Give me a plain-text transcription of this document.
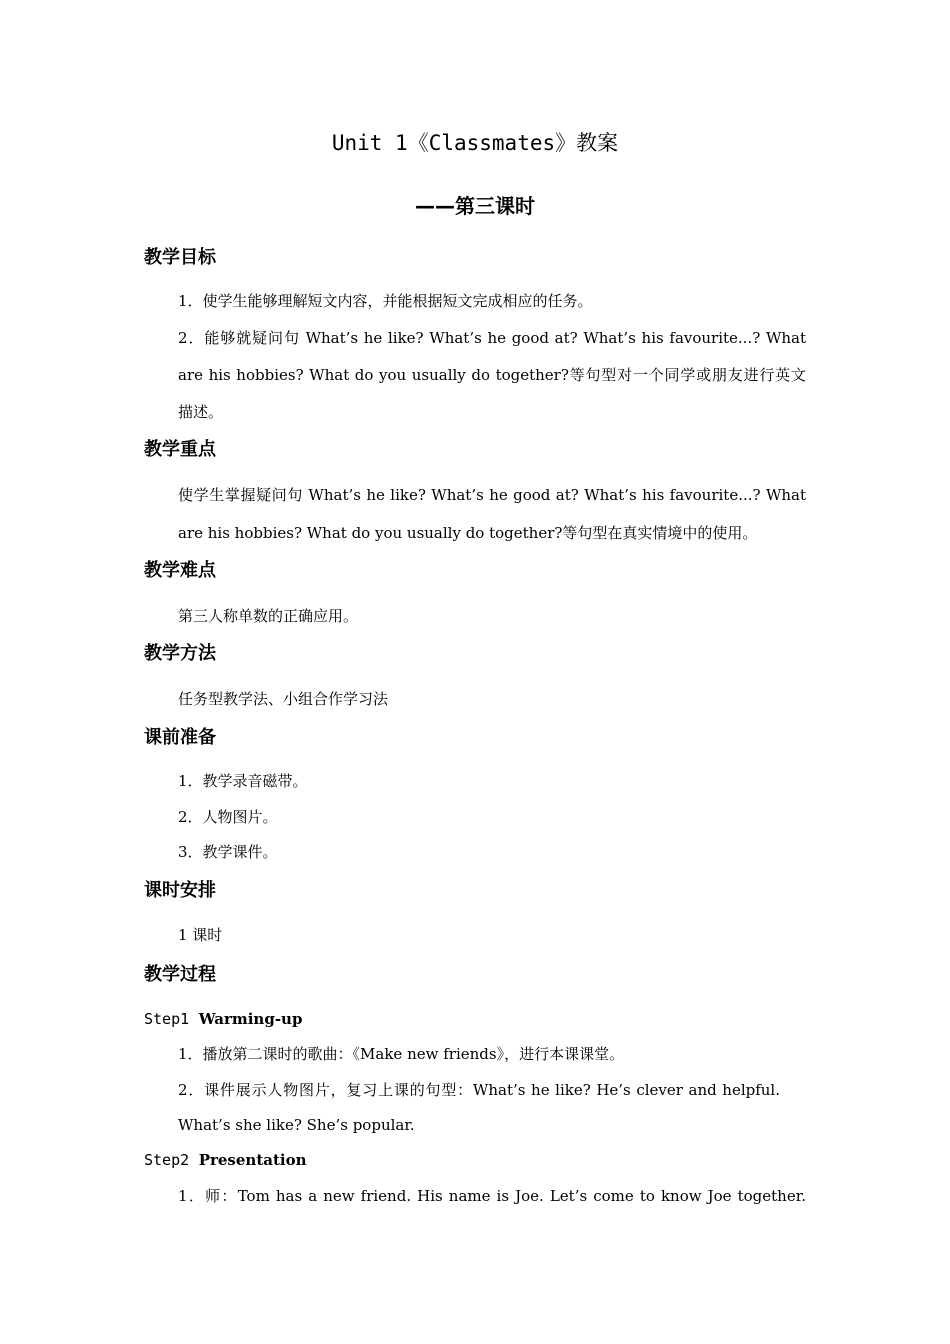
Unit 1《Classmates》教案
——第三课时
教学目标
1．使学生能够理解短文内容，并能根据短文完成相应的任务。
2．能够就疑问句 What’s he like? What’s he good at? What’s his favourite...? What
are his hobbies? What do you usually do together?等句型对一个同学或朋友进行英文
描述。
教学重点
使学生掌握疑问句 What’s he like? What’s he good at? What’s his favourite...? What
are his hobbies? What do you usually do together?等句型在真实情境中的使用。
教学难点
第三人称单数的正确应用。
教学方法
任务型教学法、小组合作学习法
课前准备
1．教学录音磁带。
2．人物图片。
3．教学课件。
课时安排
1 课时
教学过程
Step1 Warming-up
1．播放第二课时的歌曲：《Make new friends》，进行本课课堂。
2．课件展示人物图片，复习上课的句型：What’s he like? He’s clever and helpful.
What’s she like? She’s popular.
Step2 Presentation
1．师：Tom has a new friend. His name is Joe. Let’s come to know Joe together.
